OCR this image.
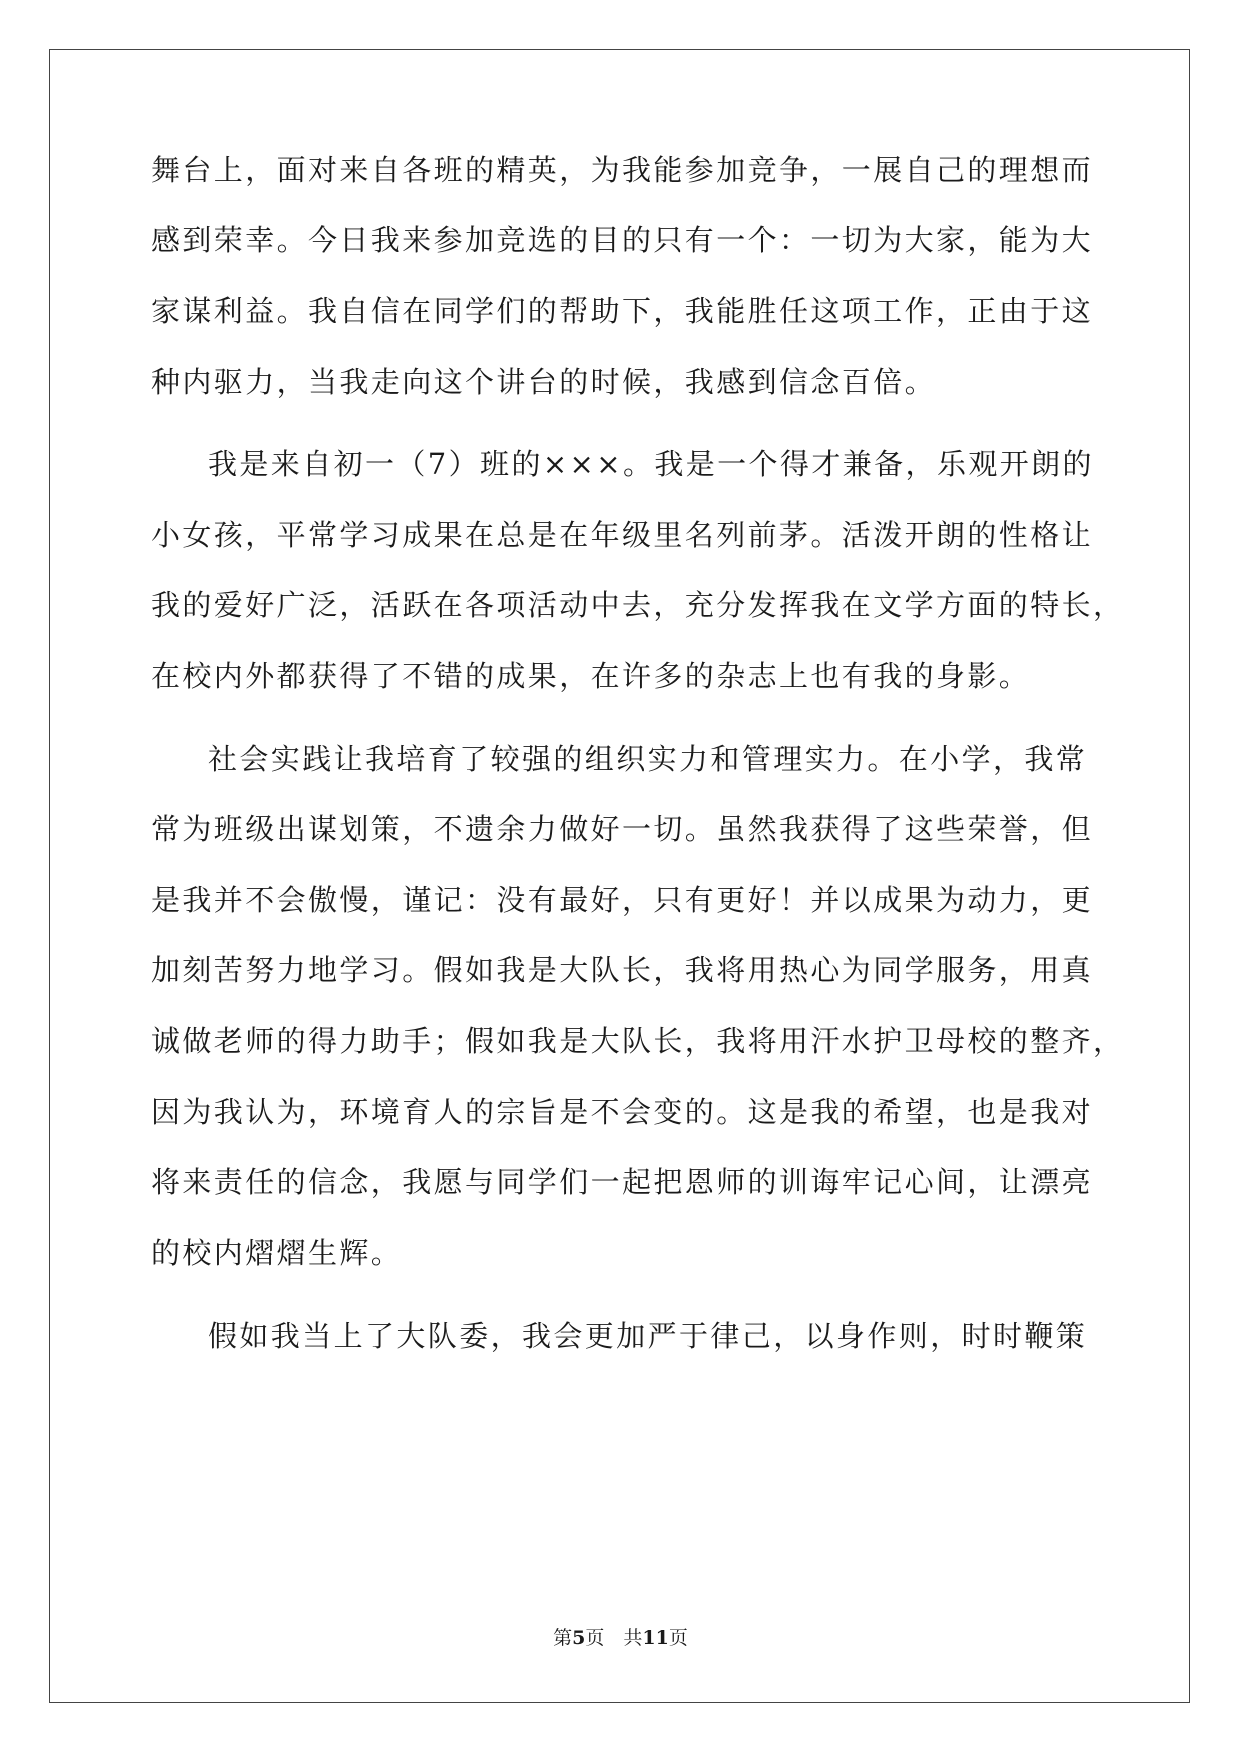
舞台上，面对来自各班的精英，为我能参加竞争，一展自己的理想而
感到荣幸。今日我来参加竞选的目的只有一个：一切为大家，能为大
家谋利益。我自信在同学们的帮助下，我能胜任这项工作，正由于这
种内驱力，当我走向这个讲台的时候，我感到信念百倍。
我是来自初一（7）班的×××。我是一个得才兼备，乐观开朗的
小女孩，平常学习成果在总是在年级里名列前茅。活泼开朗的性格让
我的爱好广泛，活跃在各项活动中去，充分发挥我在文学方面的特长，
在校内外都获得了不错的成果，在许多的杂志上也有我的身影。
社会实践让我培育了较强的组织实力和管理实力。在小学，我常
常为班级出谋划策，不遗余力做好一切。虽然我获得了这些荣誉，但
是我并不会傲慢，谨记：没有最好，只有更好！并以成果为动力，更
加刻苦努力地学习。假如我是大队长，我将用热心为同学服务，用真
诚做老师的得力助手；假如我是大队长，我将用汗水护卫母校的整齐，
因为我认为，环境育人的宗旨是不会变的。这是我的希望，也是我对
将来责任的信念，我愿与同学们一起把恩师的训诲牢记心间，让漂亮
的校内熠熠生辉。
假如我当上了大队委，我会更加严于律己，以身作则，时时鞭策
第5页　共11页
